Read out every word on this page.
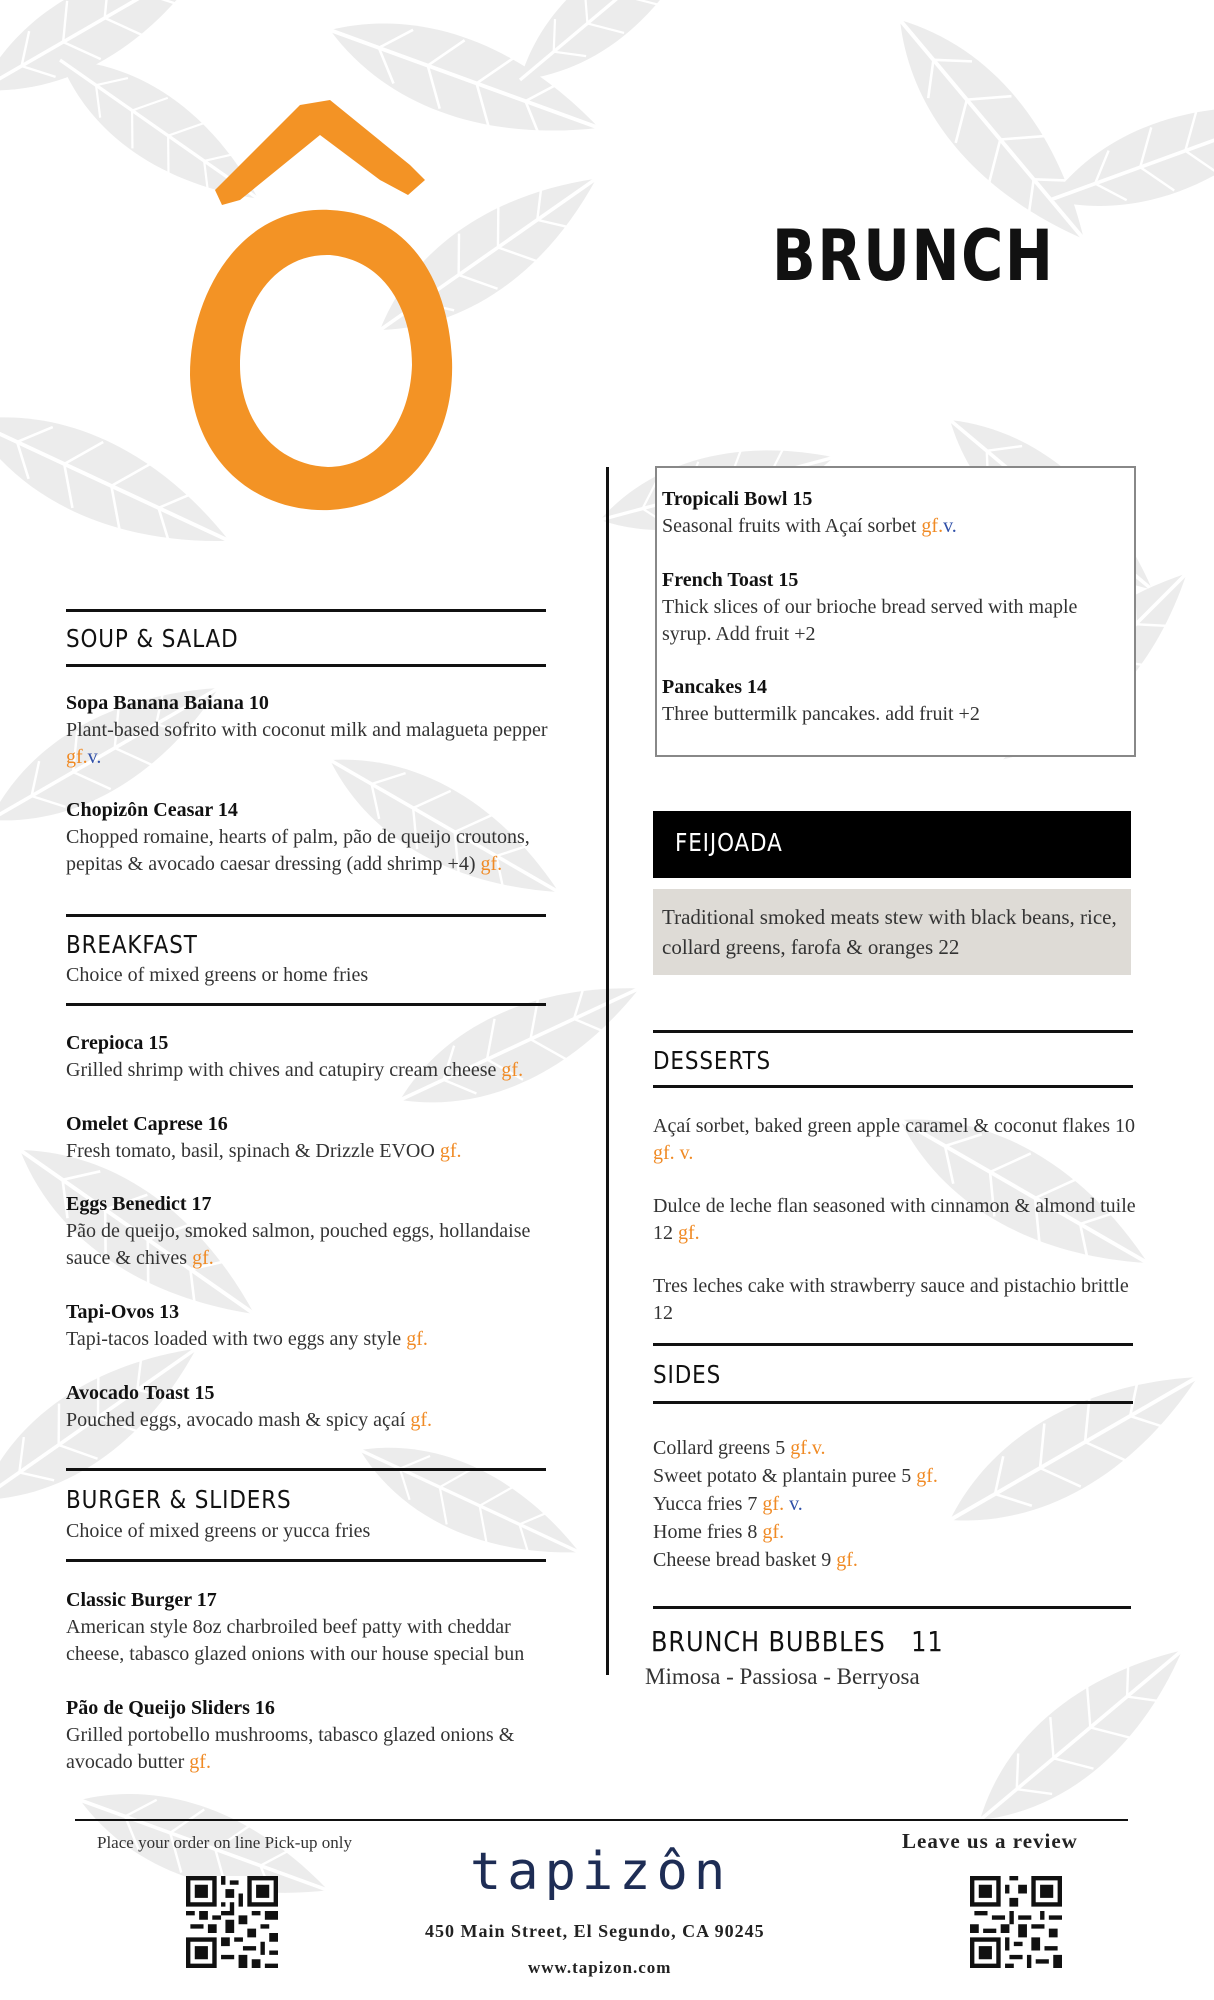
BRUNCH
SOUP & SALAD
Sopa Banana Baiana 10
Plant-based sofrito with coconut milk and malagueta pepper gf.v.
Chopizôn Ceasar 14
Chopped romaine, hearts of palm, pão de queijo croutons, pepitas & avocado caesar dressing (add shrimp +4) gf.
BREAKFAST
Choice of mixed greens or home fries
Crepioca 15
Grilled shrimp with chives and catupiry cream cheese gf.
Omelet Caprese 16
Fresh tomato, basil, spinach & Drizzle EVOO gf.
Eggs Benedict 17
Pão de queijo, smoked salmon, pouched eggs, hollandaise sauce & chives gf.
Tapi-Ovos 13
Tapi-tacos loaded with two eggs any style gf.
Avocado Toast 15
Pouched eggs, avocado mash & spicy açaí gf.
BURGER & SLIDERS
Choice of mixed greens or yucca fries
Classic Burger 17
American style 8oz charbroiled beef patty with cheddar cheese, tabasco glazed onions with our house special bun
Pão de Queijo Sliders 16
Grilled portobello mushrooms, tabasco glazed onions & avocado butter gf.
Tropicali Bowl 15
Seasonal fruits with Açaí sorbet gf.v.
French Toast 15
Thick slices of our brioche bread served with maple syrup. Add fruit +2
Pancakes 14
Three buttermilk pancakes. add fruit +2
FEIJOADA
Traditional smoked meats stew with black beans, rice, collard greens, farofa & oranges 22
DESSERTS
Açaí sorbet, baked green apple caramel & coconut flakes 10 gf. v.
Dulce de leche flan seasoned with cinnamon & almond tuile 12 gf.
Tres leches cake with strawberry sauce and pistachio brittle 12
SIDES
Collard greens 5 gf.v.
Sweet potato & plantain puree 5 gf.
Yucca fries 7 gf. v.
Home fries 8 gf.
Cheese bread basket 9 gf.
BRUNCH BUBBLES 11
Mimosa - Passiosa - Berryosa
Place your order on line Pick-up only	Leave us a review
tapizôn
450 Main Street, El Segundo, CA 90245
www.tapizon.com
